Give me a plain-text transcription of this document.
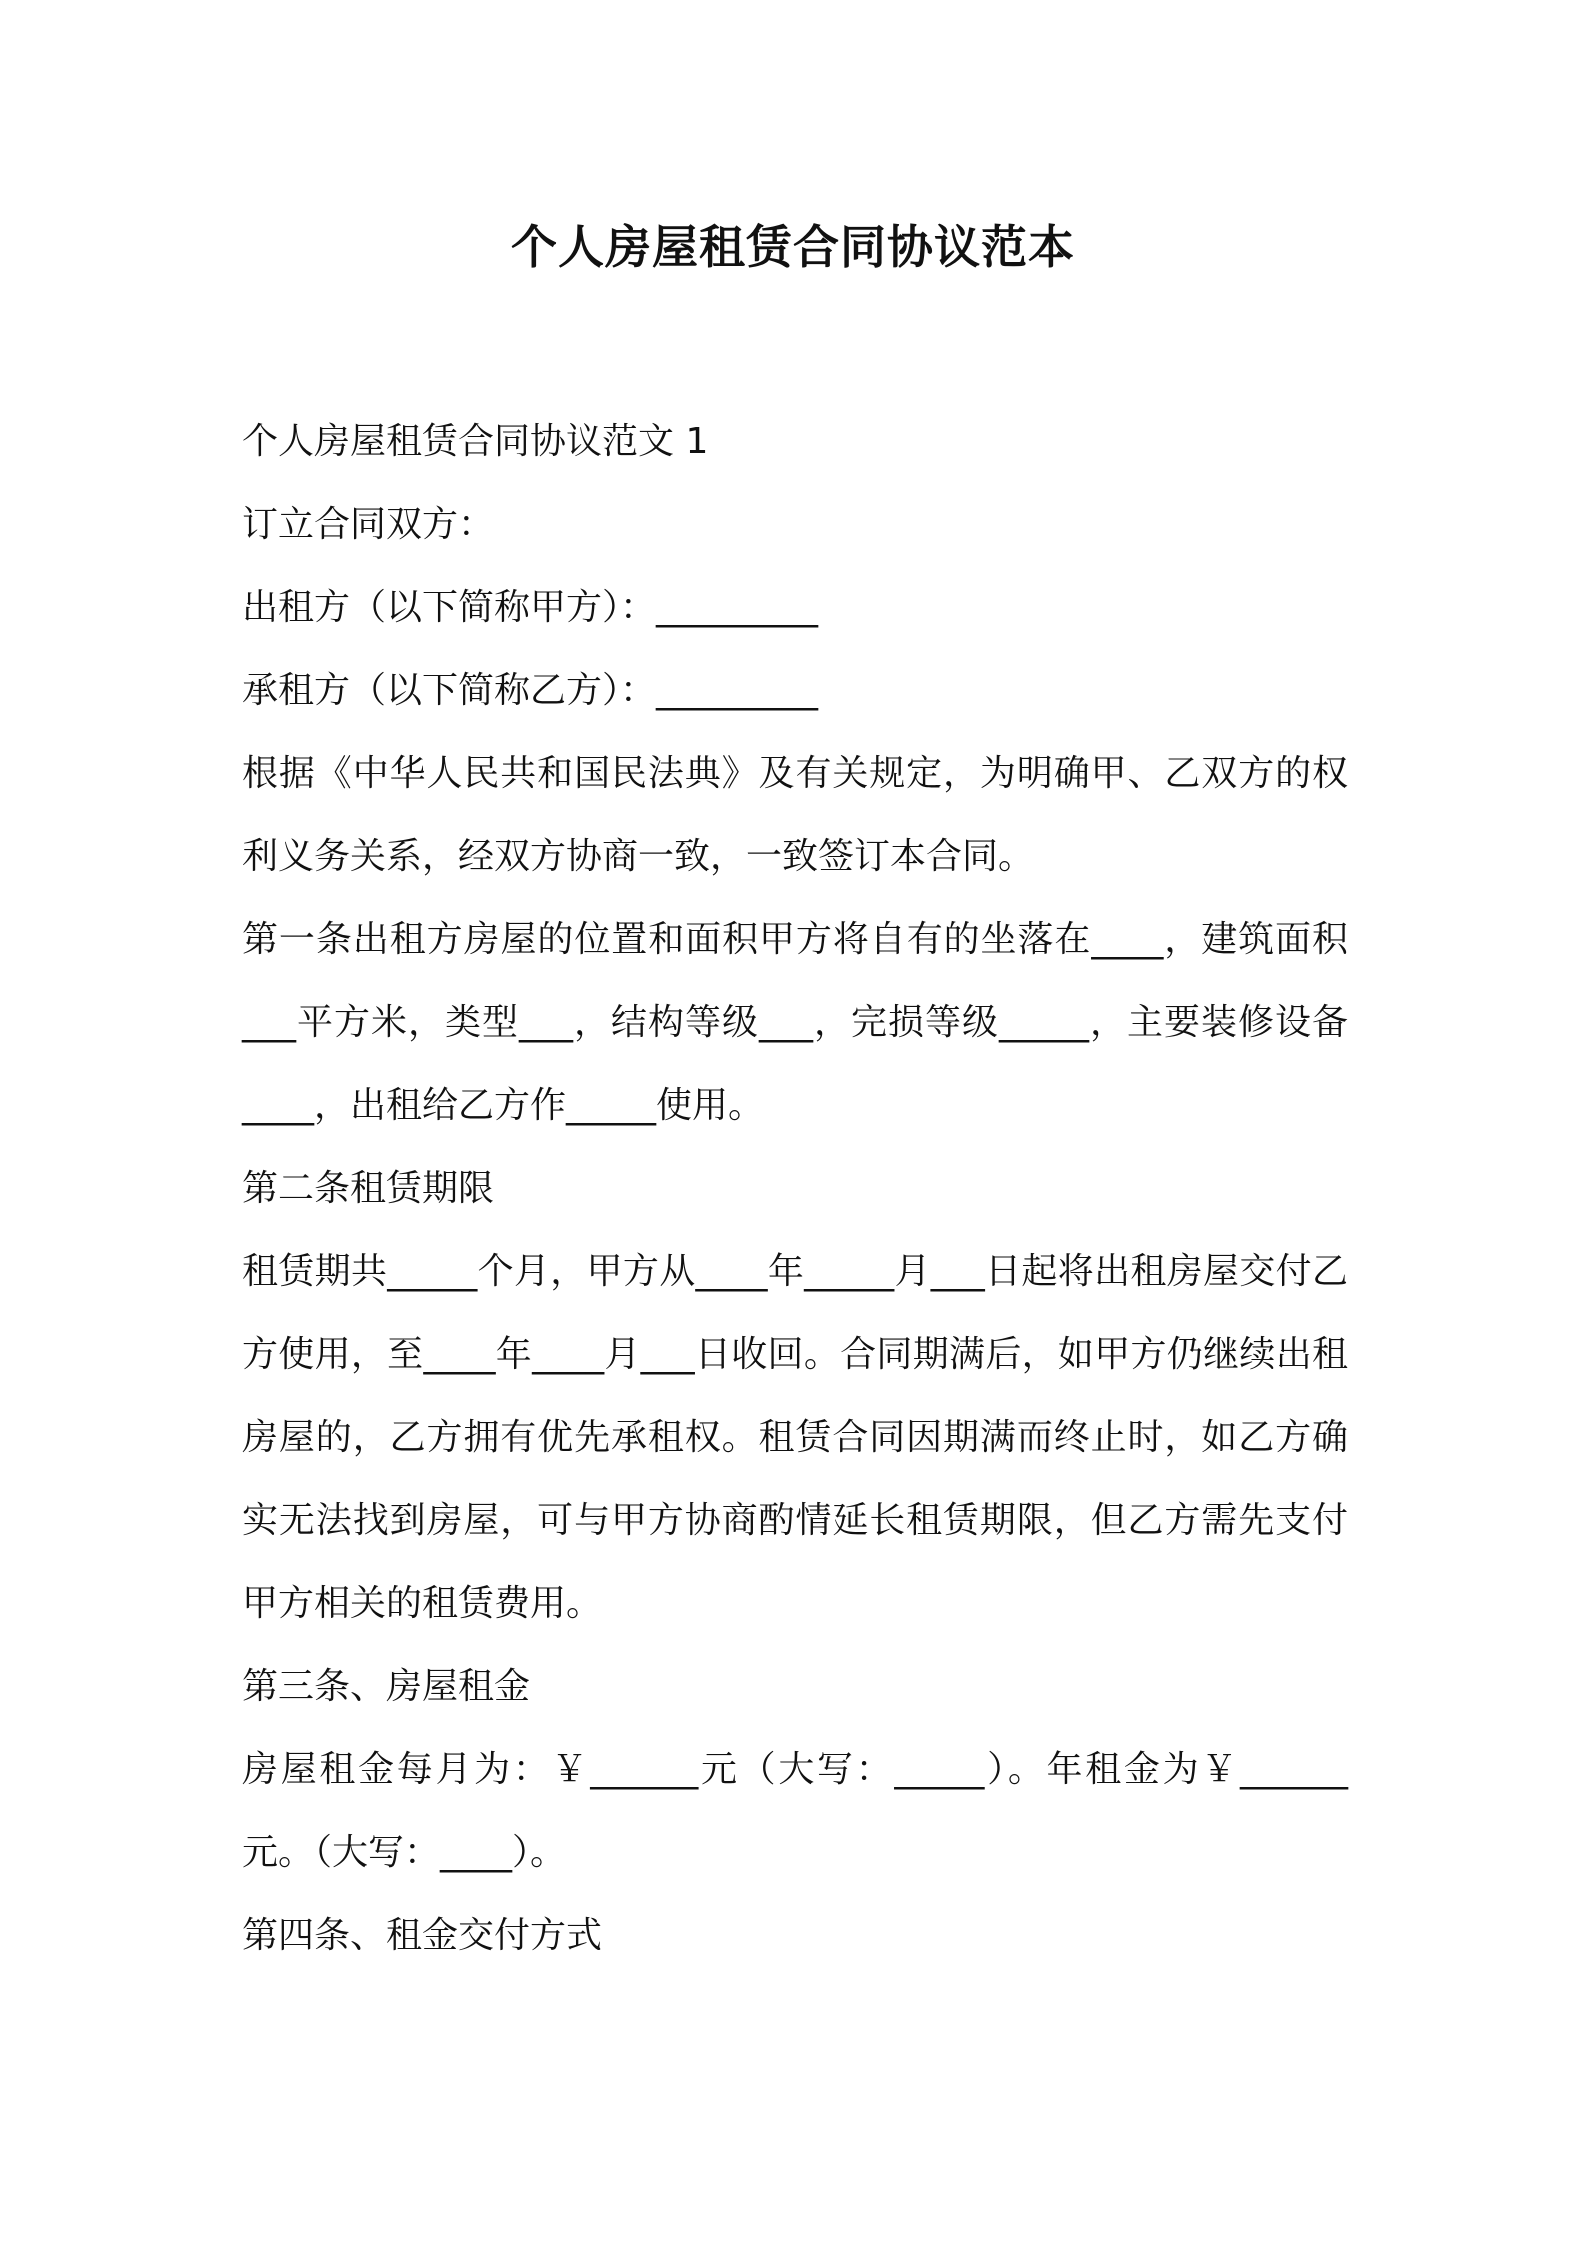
个人房屋租赁合同协议范本

个人房屋租赁合同协议范文 1

订立合同双方：

出租方（以下简称甲方）：_________

承租方（以下简称乙方）：_________

根据《中华人民共和国民法典》及有关规定，为明确甲、乙双方的权利义务关系，经双方协商一致，一致签订本合同。

第一条出租方房屋的位置和面积甲方将自有的坐落在____，建筑面积___平方米，类型___，结构等级___，完损等级_____，主要装修设备____，出租给乙方作_____使用。

第二条租赁期限

租赁期共_____个月，甲方从____年_____月___日起将出租房屋交付乙方使用，至____年____月___日收回。合同期满后，如甲方仍继续出租房屋的，乙方拥有优先承租权。租赁合同因期满而终止时，如乙方确实无法找到房屋，可与甲方协商酌情延长租赁期限，但乙方需先支付甲方相关的租赁费用。

第三条、房屋租金

房屋租金每月为：￥______元（大写：_____）。年租金为￥______元。（大写：____）。

第四条、租金交付方式
